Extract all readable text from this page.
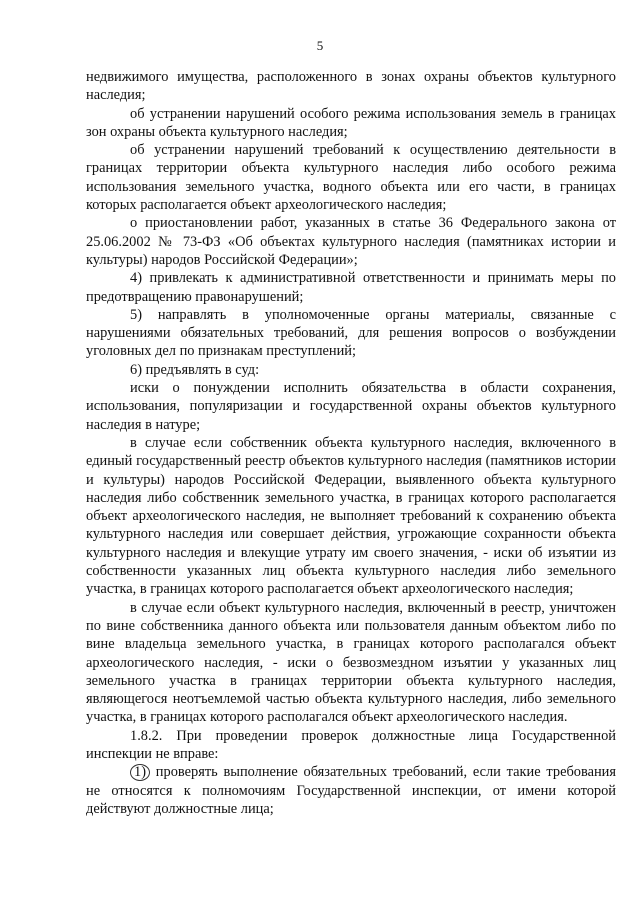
5

недвижимого имущества, расположенного в зонах охраны объектов культурного наследия;

об устранении нарушений особого режима использования земель в границах зон охраны объекта культурного наследия;

об устранении нарушений требований к осуществлению деятельности в границах территории объекта культурного наследия либо особого режима использования земельного участка, водного объекта или его части, в границах которых располагается объект археологического наследия;

о приостановлении работ, указанных в статье 36 Федерального закона от 25.06.2002 № 73-ФЗ «Об объектах культурного наследия (памятниках истории и культуры) народов Российской Федерации»;

4) привлекать к административной ответственности и принимать меры по предотвращению правонарушений;

5) направлять в уполномоченные органы материалы, связанные с нарушениями обязательных требований, для решения вопросов о возбуждении уголовных дел по признакам преступлений;

6) предъявлять в суд:

иски о понуждении исполнить обязательства в области сохранения, использования, популяризации и государственной охраны объектов культурного наследия в натуре;

в случае если собственник объекта культурного наследия, включенного в единый государственный реестр объектов культурного наследия (памятников истории и культуры) народов Российской Федерации, выявленного объекта культурного наследия либо собственник земельного участка, в границах которого располагается объект археологического наследия, не выполняет требований к сохранению объекта культурного наследия или совершает действия, угрожающие сохранности объекта культурного наследия и влекущие утрату им своего значения, - иски об изъятии из собственности указанных лиц объекта культурного наследия либо земельного участка, в границах которого располагается объект археологического наследия;

в случае если объект культурного наследия, включенный в реестр, уничтожен по вине собственника данного объекта или пользователя данным объектом либо по вине владельца земельного участка, в границах которого располагался объект археологического наследия, - иски о безвозмездном изъятии у указанных лиц земельного участка в границах территории объекта культурного наследия, являющегося неотъемлемой частью объекта культурного наследия, либо земельного участка, в границах которого располагался объект археологического наследия.

1.8.2. При проведении проверок должностные лица Государственной инспекции не вправе:

1) проверять выполнение обязательных требований, если такие требования не относятся к полномочиям Государственной инспекции, от имени которой действуют должностные лица;
